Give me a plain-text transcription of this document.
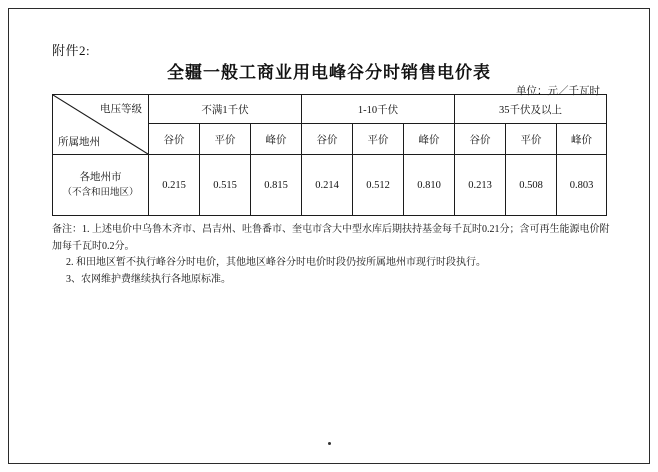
附件2:
全疆一般工商业用电峰谷分时销售电价表
单位：元／千瓦时
电压等级
所属地州	不满1千伏			1-10千伏			35千伏及以上		
	谷价	平价	峰价	谷价	平价	峰价	谷价	平价	峰价

各地州市
（不含和田地区）	0.215	0.515	0.815	0.214	0.512	0.810	0.213	0.508	0.803
备注：1. 上述电价中乌鲁木齐市、昌吉州、吐鲁番市、奎屯市含大中型水库后期扶持基金每千瓦时0.21分；含可再生能源电价附加每千瓦时0.2分。
2. 和田地区暂不执行峰谷分时电价，其他地区峰谷分时电价时段仍按所属地州市现行时段执行。
3、农网维护费继续执行各地原标准。
